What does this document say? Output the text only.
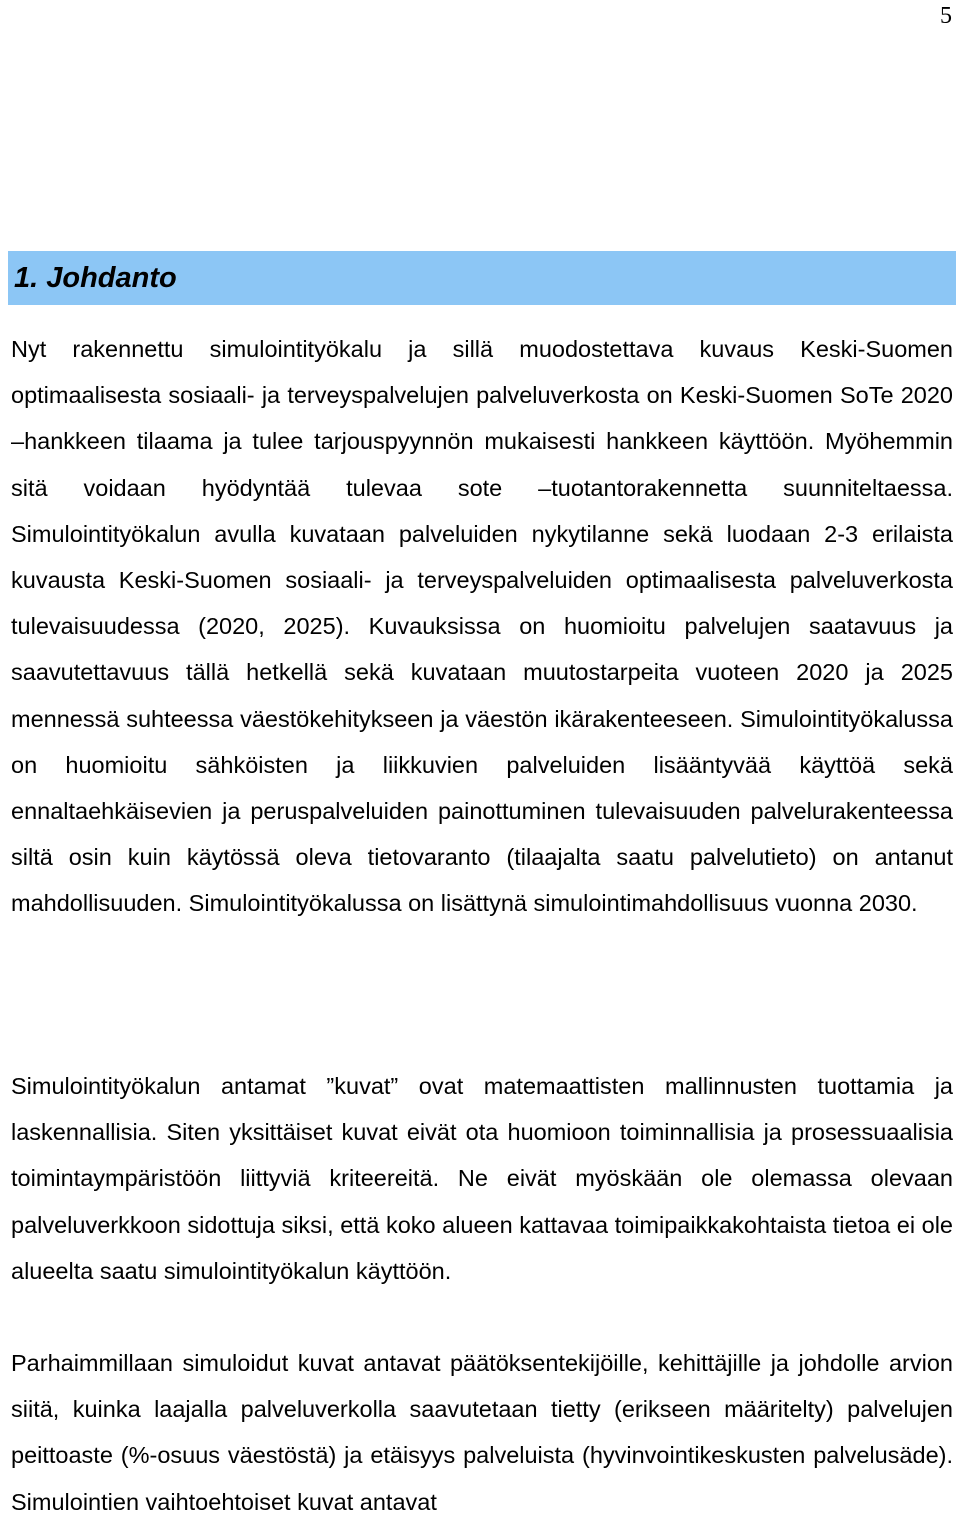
5
1. Johdanto

Nyt rakennettu simulointityökalu ja sillä muodostettava kuvaus Keski-Suomen optimaalisesta sosiaali- ja terveyspalvelujen palveluverkosta on Keski-Suomen SoTe 2020 –hankkeen tilaama ja tulee tarjouspyynnön mukaisesti hankkeen käyttöön. Myöhemmin sitä voidaan hyödyntää tulevaa sote –tuotantorakennetta suunniteltaessa. Simulointityökalun avulla kuvataan palveluiden nykytilanne sekä luodaan 2-3 erilaista kuvausta Keski-Suomen sosiaali- ja terveyspalveluiden optimaalisesta palveluverkosta tulevaisuudessa (2020, 2025). Kuvauksissa on huomioitu palvelujen saatavuus ja saavutettavuus tällä hetkellä sekä kuvataan muutostarpeita vuoteen 2020 ja 2025 mennessä suhteessa väestökehitykseen ja väestön ikärakenteeseen. Simulointityökalussa on huomioitu sähköisten ja liikkuvien palveluiden lisääntyvää käyttöä sekä ennaltaehkäisevien ja peruspalveluiden painottuminen tulevaisuuden palvelurakenteessa siltä osin kuin käytössä oleva tietovaranto (tilaajalta saatu palvelutieto) on antanut mahdollisuuden. Simulointityökalussa on lisättynä simulointimahdollisuus vuonna 2030.

Simulointityökalun antamat ”kuvat” ovat matemaattisten mallinnusten tuottamia ja laskennallisia. Siten yksittäiset kuvat eivät ota huomioon toiminnallisia ja prosessuaalisia toimintaympäristöön liittyviä kriteereitä. Ne eivät myöskään ole olemassa olevaan palveluverkkoon sidottuja siksi, että koko alueen kattavaa toimipaikkakohtaista tietoa ei ole alueelta saatu simulointityökalun käyttöön.

Parhaimmillaan simuloidut kuvat antavat päätöksentekijöille, kehittäjille ja johdolle arvion siitä, kuinka laajalla palveluverkolla saavutetaan tietty (erikseen määritelty) palvelujen peittoaste (%-osuus väestöstä) ja etäisyys palveluista (hyvinvointikeskusten palvelusäde). Simulointien vaihtoehtoiset kuvat antavat
